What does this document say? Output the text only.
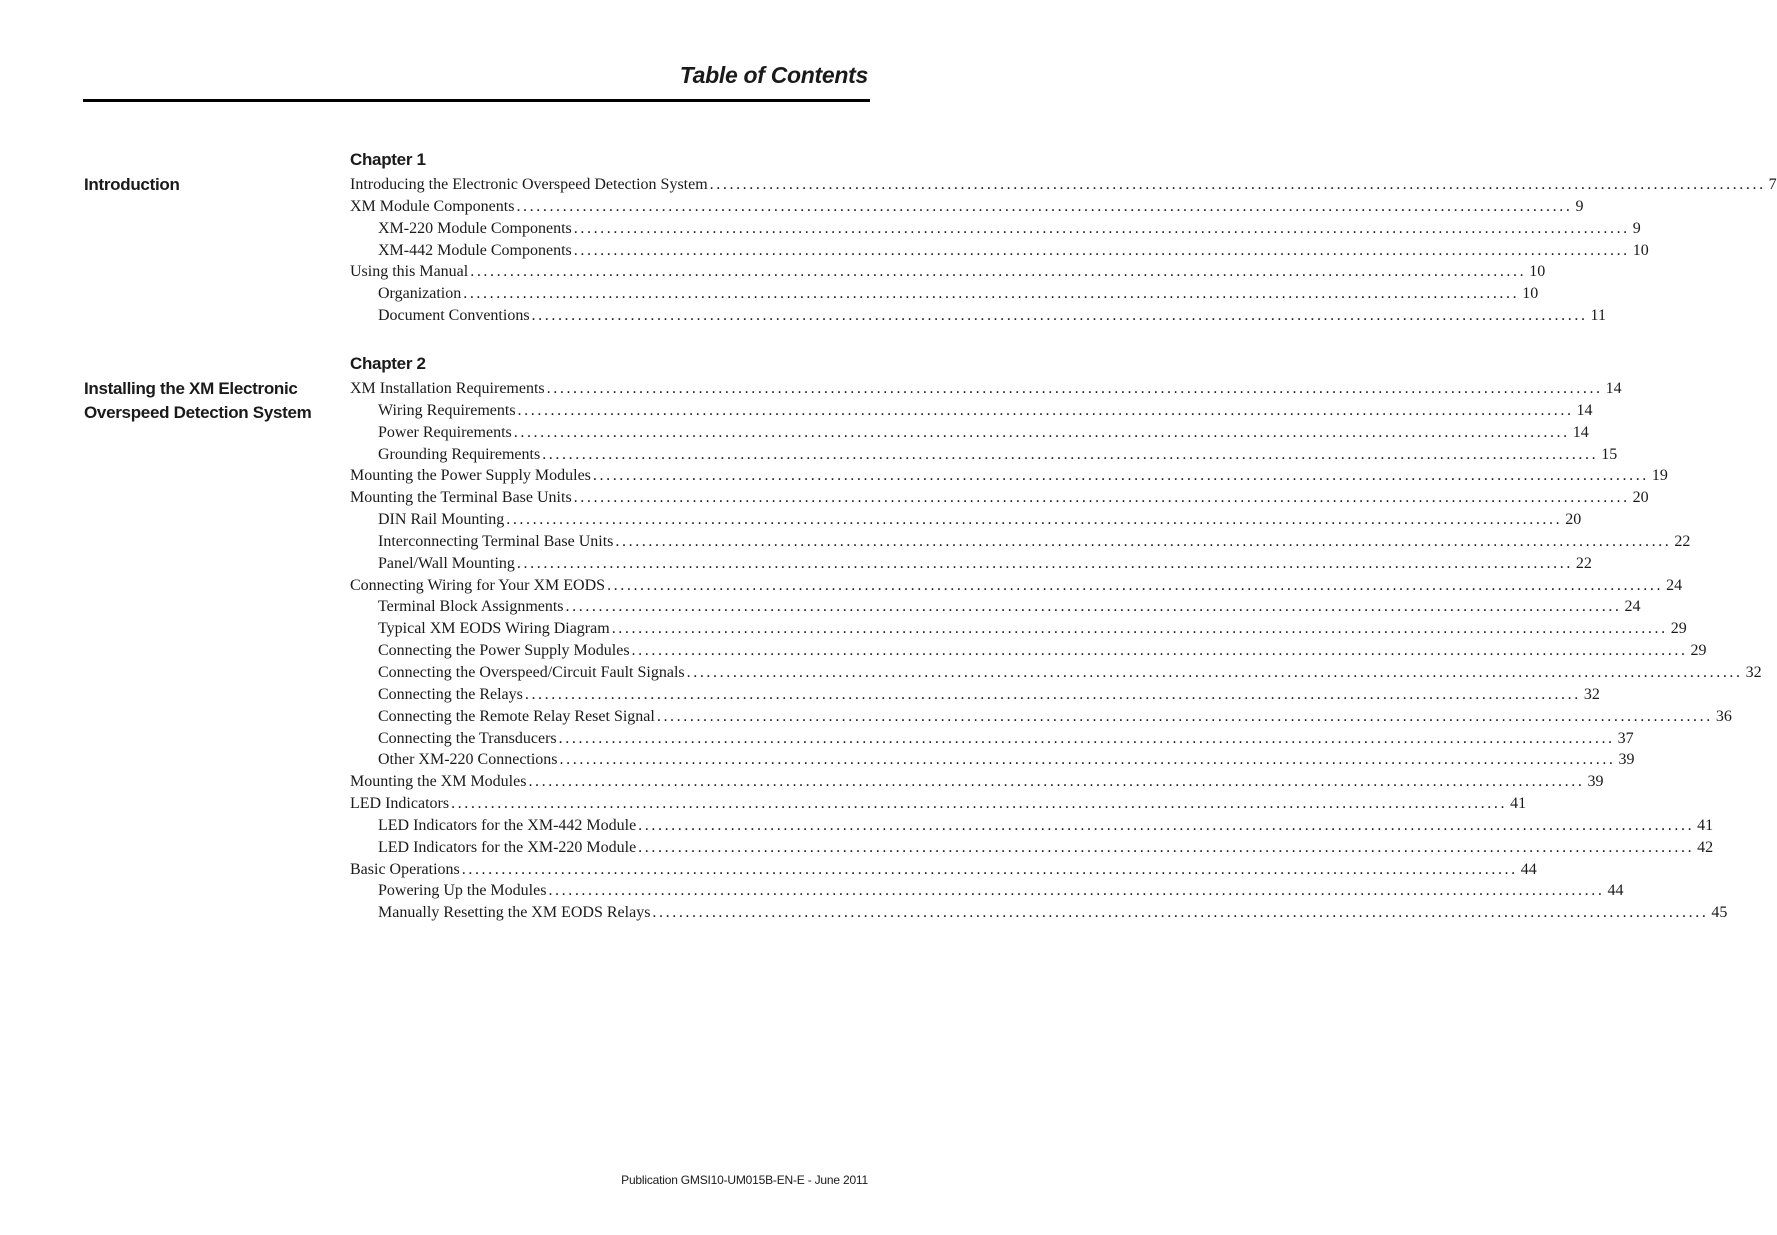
Table of Contents
Chapter 1
Introduction	Introducing the Electronic Overspeed Detection System ................................................................................................................................................................ 7
XM Module Components ................................................................................................................................................................ 9
XM-220 Module Components ................................................................................................................................................................ 9
XM-442 Module Components ................................................................................................................................................................ 10
Using this Manual ................................................................................................................................................................ 10
Organization ................................................................................................................................................................ 10
Document Conventions ................................................................................................................................................................ 11
Chapter 2
Installing the XM Electronic Overspeed Detection System
XM Installation Requirements ................................................................................................................................................................ 14
Wiring Requirements ................................................................................................................................................................ 14
Power Requirements ................................................................................................................................................................ 14
Grounding Requirements ................................................................................................................................................................ 15
Mounting the Power Supply Modules ................................................................................................................................................................ 19
Mounting the Terminal Base Units ................................................................................................................................................................ 20
DIN Rail Mounting ................................................................................................................................................................ 20
Interconnecting Terminal Base Units ................................................................................................................................................................ 22
Panel/Wall Mounting ................................................................................................................................................................ 22
Connecting Wiring for Your XM EODS ................................................................................................................................................................ 24
Terminal Block Assignments ................................................................................................................................................................ 24
Typical XM EODS Wiring Diagram ................................................................................................................................................................ 29
Connecting the Power Supply Modules ................................................................................................................................................................ 29
Connecting the Overspeed/Circuit Fault Signals ................................................................................................................................................................ 32
Connecting the Relays ................................................................................................................................................................ 32
Connecting the Remote Relay Reset Signal ................................................................................................................................................................ 36
Connecting the Transducers ................................................................................................................................................................ 37
Other XM-220 Connections ................................................................................................................................................................ 39
Mounting the XM Modules ................................................................................................................................................................ 39
LED Indicators ................................................................................................................................................................ 41
LED Indicators for the XM-442 Module ................................................................................................................................................................ 41
LED Indicators for the XM-220 Module ................................................................................................................................................................ 42
Basic Operations ................................................................................................................................................................ 44
Powering Up the Modules ................................................................................................................................................................ 44
Manually Resetting the XM EODS Relays ................................................................................................................................................................ 45

Publication GMSI10-UM015B-EN-E - June 2011
